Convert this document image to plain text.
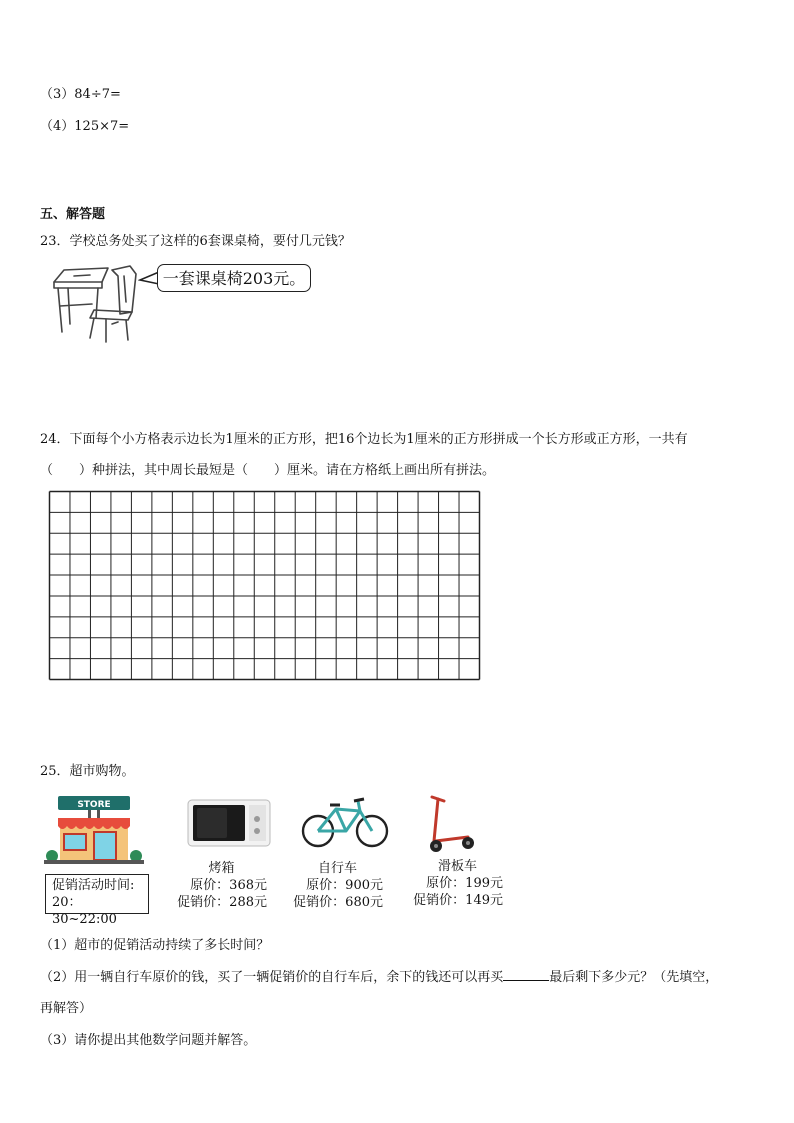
（3）84÷7=
（4）125×7=
五、解答题
23．学校总务处买了这样的6套课桌椅，要付几元钱？
一套课桌椅203元。
24．下面每个小方格表示边长为1厘米的正方形，把16个边长为1厘米的正方形拼成一个长方形或正方形，一共有
（　　）种拼法，其中周长最短是（　　）厘米。请在方格纸上画出所有拼法。
25．超市购物。
STORE
促销活动时间:
20：30~22:00
烤箱
原价：368元
促销价：288元
自行车
原价：900元
促销价：680元
滑板车
原价：199元
促销价：149元
（1）超市的促销活动持续了多长时间？
（2）用一辆自行车原价的钱，买了一辆促销价的自行车后，余下的钱还可以再买	最后剩下多少元？（先填空，
再解答）
（3）请你提出其他数学问题并解答。
